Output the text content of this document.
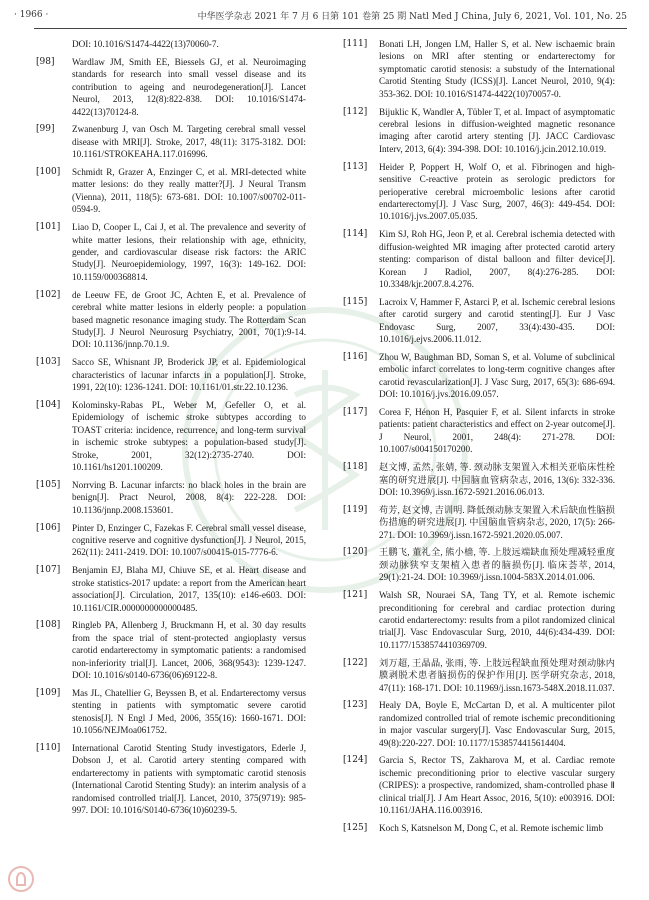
· 1966 ·	中华医学杂志 2021 年 7 月 6 日第 101 卷第 25 期 Natl Med J China, July 6, 2021, Vol. 101, No. 25
DOI: 10.1016/S1474-4422(13)70060-7.
[98]	Wardlaw JM, Smith EE, Biessels GJ, et al. Neuroimaging standards for research into small vessel disease and its contribution to ageing and neurodegeneration[J]. Lancet Neurol, 2013, 12(8):822-838. DOI: 10.1016/S1474-4422(13)70124-8.
[99]	Zwanenburg J, van Osch M. Targeting cerebral small vessel disease with MRI[J]. Stroke, 2017, 48(11): 3175-3182. DOI: 10.1161/STROKEAHA.117.016996.
[100]	Schmidt R, Grazer A, Enzinger C, et al. MRI-detected white matter lesions: do they really matter?[J]. J Neural Transm (Vienna), 2011, 118(5): 673-681. DOI: 10.1007/s00702-011-0594-9.
[101]	Liao D, Cooper L, Cai J, et al. The prevalence and severity of white matter lesions, their relationship with age, ethnicity, gender, and cardiovascular disease risk factors: the ARIC Study[J]. Neuroepidemiology, 1997, 16(3): 149-162. DOI: 10.1159/000368814.
[102]	de Leeuw FE, de Groot JC, Achten E, et al. Prevalence of cerebral white matter lesions in elderly people: a population based magnetic resonance imaging study. The Rotterdam Scan Study[J]. J Neurol Neurosurg Psychiatry, 2001, 70(1):9-14. DOI: 10.1136/jnnp.70.1.9.
[103]	Sacco SE, Whisnant JP, Broderick JP, et al. Epidemiological characteristics of lacunar infarcts in a population[J]. Stroke, 1991, 22(10): 1236-1241. DOI: 10.1161/01.str.22.10.1236.
[104]	Kolominsky-Rabas PL, Weber M, Gefeller O, et al. Epidemiology of ischemic stroke subtypes according to TOAST criteria: incidence, recurrence, and long-term survival in ischemic stroke subtypes: a population-based study[J]. Stroke, 2001, 32(12):2735-2740. DOI: 10.1161/hs1201.100209.
[105]	Norrving B. Lacunar infarcts: no black holes in the brain are benign[J]. Pract Neurol, 2008, 8(4): 222-228. DOI: 10.1136/jnnp.2008.153601.
[106]	Pinter D, Enzinger C, Fazekas F. Cerebral small vessel disease, cognitive reserve and cognitive dysfunction[J]. J Neurol, 2015, 262(11): 2411-2419. DOI: 10.1007/s00415-015-7776-6.
[107]	Benjamin EJ, Blaha MJ, Chiuve SE, et al. Heart disease and stroke statistics-2017 update: a report from the American heart association[J]. Circulation, 2017, 135(10): e146-e603. DOI: 10.1161/CIR.0000000000000485.
[108]	Ringleb PA, Allenberg J, Bruckmann H, et al. 30 day results from the space trial of stent-protected angioplasty versus carotid endarterectomy in symptomatic patients: a randomised non-inferiority trial[J]. Lancet, 2006, 368(9543): 1239-1247. DOI: 10.1016/s0140-6736(06)69122-8.
[109]	Mas JL, Chatellier G, Beyssen B, et al. Endarterectomy versus stenting in patients with symptomatic severe carotid stenosis[J]. N Engl J Med, 2006, 355(16): 1660-1671. DOI: 10.1056/NEJMoa061752.
[110]	International Carotid Stenting Study investigators, Ederle J, Dobson J, et al. Carotid artery stenting compared with endarterectomy in patients with symptomatic carotid stenosis (International Carotid Stenting Study): an interim analysis of a randomised controlled trial[J]. Lancet, 2010, 375(9719): 985-997. DOI: 10.1016/S0140-6736(10)60239-5.
[111]	Bonati LH, Jongen LM, Haller S, et al. New ischaemic brain lesions on MRI after stenting or endarterectomy for symptomatic carotid stenosis: a substudy of the International Carotid Stenting Study (ICSS)[J]. Lancet Neurol, 2010, 9(4): 353-362. DOI: 10.1016/S1474-4422(10)70057-0.
[112]	Bijuklic K, Wandler A, Tübler T, et al. Impact of asymptomatic cerebral lesions in diffusion-weighted magnetic resonance imaging after carotid artery stenting [J]. JACC Cardiovasc Interv, 2013, 6(4): 394-398. DOI: 10.1016/j.jcin.2012.10.019.
[113]	Heider P, Poppert H, Wolf O, et al. Fibrinogen and high-sensitive C-reactive protein as serologic predictors for perioperative cerebral microembolic lesions after carotid endarterectomy[J]. J Vasc Surg, 2007, 46(3): 449-454. DOI: 10.1016/j.jvs.2007.05.035.
[114]	Kim SJ, Roh HG, Jeon P, et al. Cerebral ischemia detected with diffusion-weighted MR imaging after protected carotid artery stenting: comparison of distal balloon and filter device[J]. Korean J Radiol, 2007, 8(4):276-285. DOI: 10.3348/kjr.2007.8.4.276.
[115]	Lacroix V, Hammer F, Astarci P, et al. Ischemic cerebral lesions after carotid surgery and carotid stenting[J]. Eur J Vasc Endovasc Surg, 2007, 33(4):430-435. DOI: 10.1016/j.ejvs.2006.11.012.
[116]	Zhou W, Baughman BD, Soman S, et al. Volume of subclinical embolic infarct correlates to long-term cognitive changes after carotid revascularization[J]. J Vasc Surg, 2017, 65(3): 686-694. DOI: 10.1016/j.jvs.2016.09.057.
[117]	Corea F, Hénon H, Pasquier F, et al. Silent infarcts in stroke patients: patient characteristics and effect on 2-year outcome[J]. J Neurol, 2001, 248(4): 271-278. DOI: 10.1007/s004150170200.
[118]	赵文博, 孟然, 张婧, 等. 颈动脉支架置入术相关亚临床性栓塞的研究进展[J]. 中国脑血管病杂志, 2016, 13(6): 332-336. DOI: 10.3969/j.issn.1672-5921.2016.06.013.
[119]	苟芳, 赵文博, 吉训明. 降低颈动脉支架置入术后缺血性脑损伤措施的研究进展[J]. 中国脑血管病杂志, 2020, 17(5): 266-271. DOI: 10.3969/j.issn.1672-5921.2020.05.007.
[120]	王鹏飞, 董礼全, 熊小樯, 等. 上肢远端缺血预处理减轻重度颈动脉狭窄支架植入患者的脑损伤[J]. 临床荟萃, 2014, 29(1):21-24. DOI: 10.3969/j.issn.1004-583X.2014.01.006.
[121]	Walsh SR, Nouraei SA, Tang TY, et al. Remote ischemic preconditioning for cerebral and cardiac protection during carotid endarterectomy: results from a pilot randomized clinical trial[J]. Vasc Endovascular Surg, 2010, 44(6):434-439. DOI: 10.1177/1538574410369709.
[122]	刘万超, 王晶晶, 张雨, 等. 上肢远程缺血预处理对颈动脉内膜剥脱术患者脑损伤的保护作用[J]. 医学研究杂志, 2018, 47(11): 168-171. DOI: 10.11969/j.issn.1673-548X.2018.11.037.
[123]	Healy DA, Boyle E, McCartan D, et al. A multicenter pilot randomized controlled trial of remote ischemic preconditioning in major vascular surgery[J]. Vasc Endovascular Surg, 2015, 49(8):220-227. DOI: 10.1177/1538574415614404.
[124]	Garcia S, Rector TS, Zakharova M, et al. Cardiac remote ischemic preconditioning prior to elective vascular surgery (CRIPES): a prospective, randomized, sham-controlled phase Ⅱ clinical trial[J]. J Am Heart Assoc, 2016, 5(10): e003916. DOI: 10.1161/JAHA.116.003916.
[125]	Koch S, Katsnelson M, Dong C, et al. Remote ischemic limb
